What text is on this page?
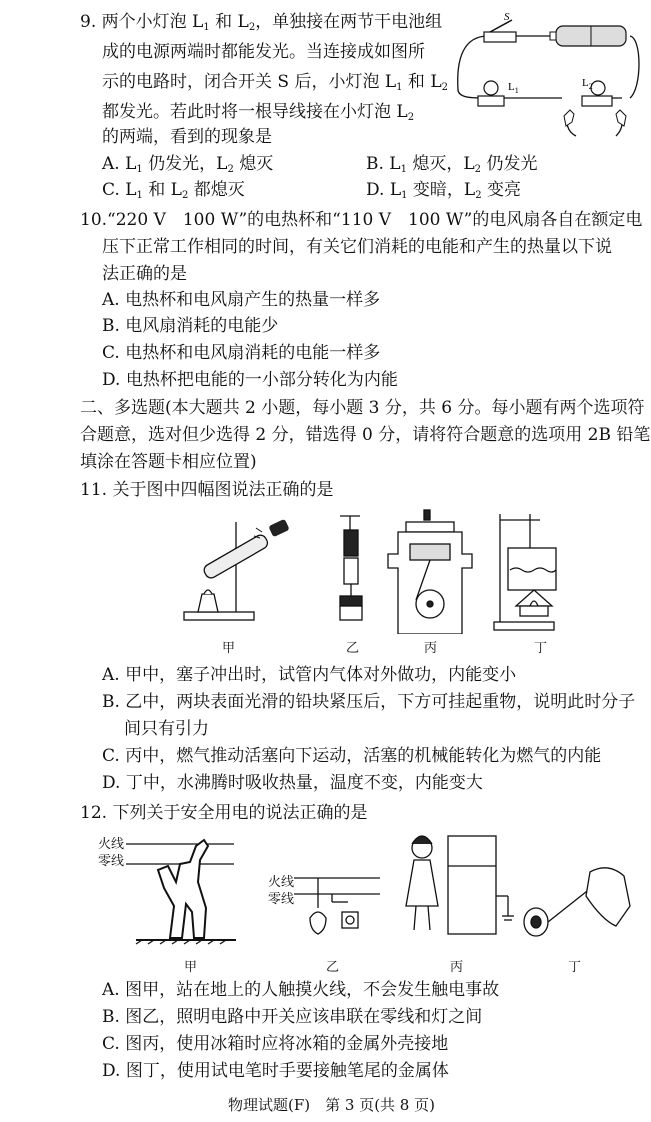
9. 两个小灯泡 $L_1$ 和 $L_2$，单独接在两节干电池组
成的电源两端时都能发光。当连接成如图所
示的电路时，闭合开关 S 后，小灯泡 $L_1$ 和 $L_2$
都发光。若此时将一根导线接在小灯泡 $L_2$
的两端，看到的现象是
A. $L_1$ 仍发光，$L_2$ 熄灭	B. $L_1$ 熄灭，$L_2$ 仍发光
C. $L_1$ 和 $L_2$ 都熄灭	D. $L_1$ 变暗，$L_2$ 变亮
S
$L_1$
$L_2$
10.“220 V　100 W”的电热杯和“110 V　100 W”的电风扇各自在额定电
压下正常工作相同的时间，有关它们消耗的电能和产生的热量以下说
法正确的是
A. 电热杯和电风扇产生的热量一样多
B. 电风扇消耗的电能少
C. 电热杯和电风扇消耗的电能一样多
D. 电热杯把电能的一小部分转化为内能
二、多选题(本大题共 2 小题，每小题 3 分，共 6 分。每小题有两个选项符
合题意，选对但少选得 2 分，错选得 0 分，请将符合题意的选项用 2B 铅笔
填涂在答题卡相应位置)
11. 关于图中四幅图说法正确的是
甲	乙	丙	丁
A. 甲中，塞子冲出时，试管内气体对外做功，内能变小
B. 乙中，两块表面光滑的铅块紧压后，下方可挂起重物，说明此时分子
间只有引力
C. 丙中，燃气推动活塞向下运动，活塞的机械能转化为燃气的内能
D. 丁中，水沸腾时吸收热量，温度不变，内能变大
12. 下列关于安全用电的说法正确的是
火线
零线
火线
零线
甲	乙	丙	丁
A. 图甲，站在地上的人触摸火线，不会发生触电事故
B. 图乙，照明电路中开关应该串联在零线和灯之间
C. 图丙，使用冰箱时应将冰箱的金属外壳接地
D. 图丁，使用试电笔时手要接触笔尾的金属体
物理试题(F)　第 3 页(共 8 页)
